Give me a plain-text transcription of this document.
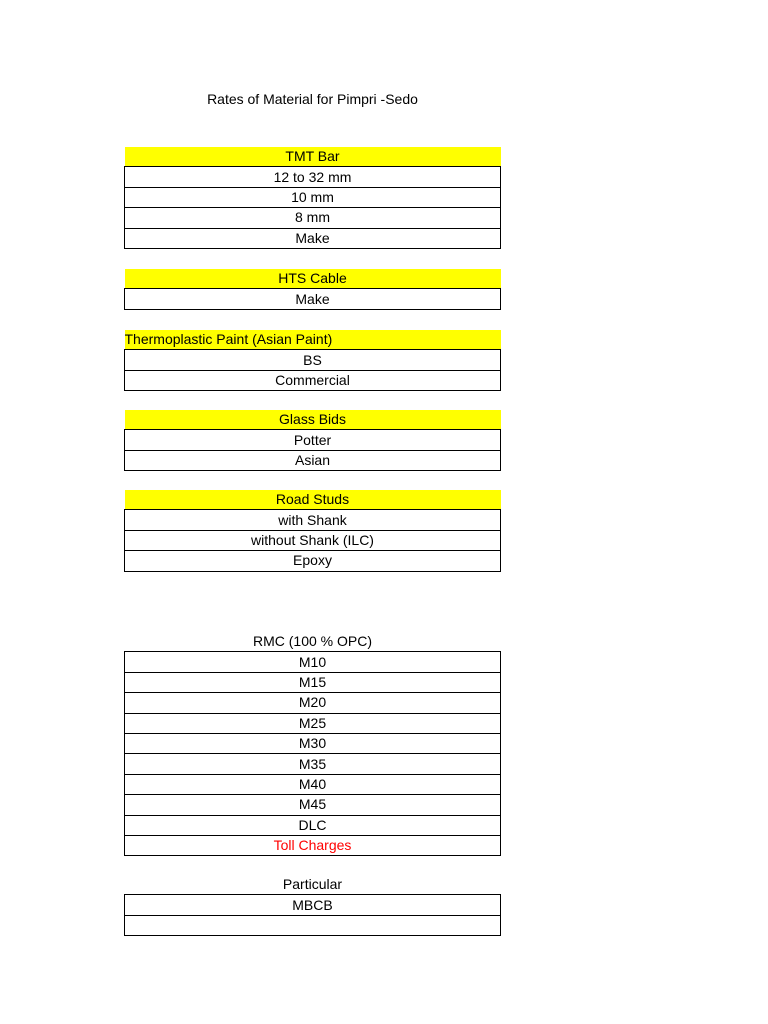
Rates of Material for Pimpri -Sedo
TMT Bar
12 to 32 mm
10 mm
8 mm
Make
HTS Cable
Make
Thermoplastic Paint (Asian Paint)
BS
Commercial
Glass Bids
Potter
Asian
Road Studs
with Shank
without Shank (ILC)
Epoxy
RMC (100 % OPC)
M10
M15
M20
M25
M30
M35
M40
M45
DLC
Toll Charges
Particular
MBCB
